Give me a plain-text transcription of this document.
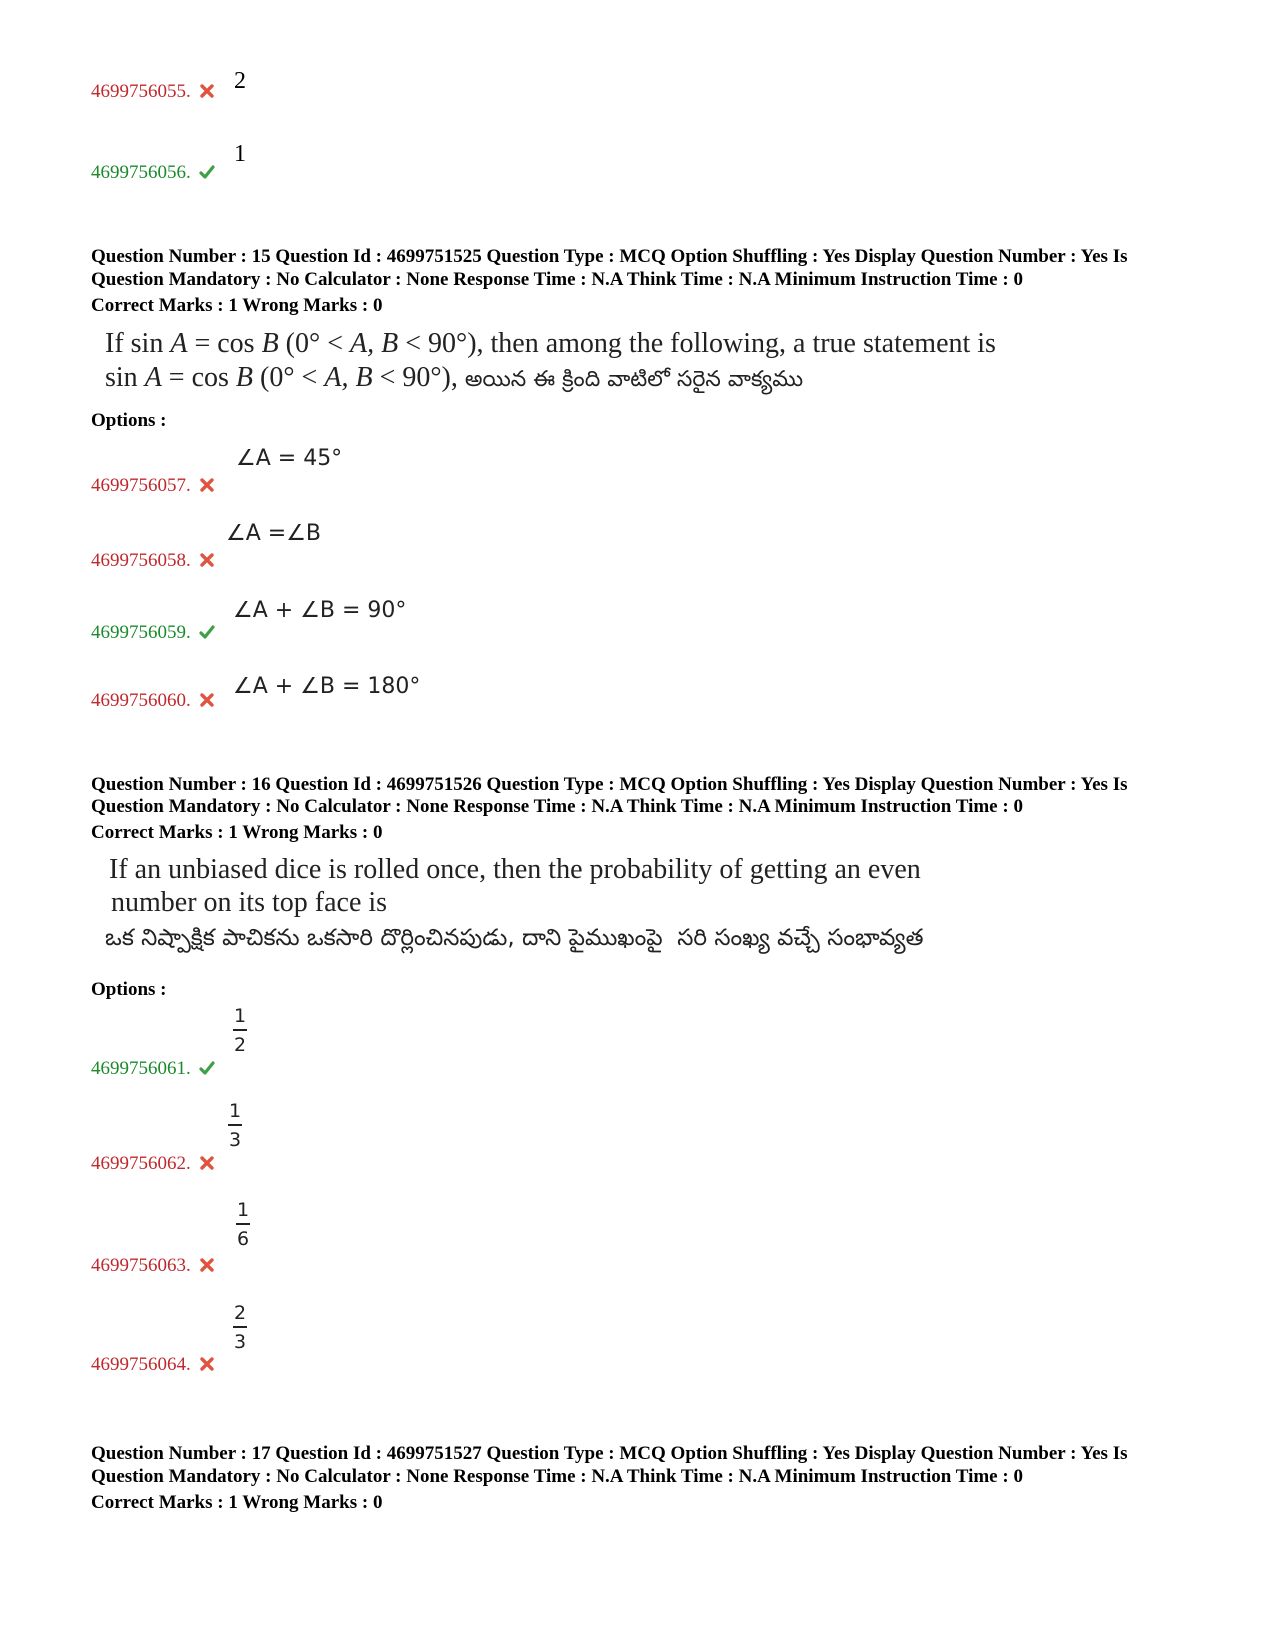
4699756055.	2
4699756056.
1
Question Number : 15 Question Id : 4699751525 Question Type : MCQ Option Shuffling : Yes Display Question Number : Yes Is
Question Mandatory : No Calculator : None Response Time : N.A Think Time : N.A Minimum Instruction Time : 0
Correct Marks : 1 Wrong Marks : 0
If sin A = cos B (0° < A, B < 90°), then among the following, a true statement is
sin A = cos B (0° < A, B < 90°), అయిన ఈ క్రింది వాటిలో సరైన వాక్యము
Options :
4699756057.
∠A = 45°
4699756058.
∠A =∠B
4699756059.
∠A + ∠B = 90°
4699756060.
∠A + ∠B = 180°
Question Number : 16 Question Id : 4699751526 Question Type : MCQ Option Shuffling : Yes Display Question Number : Yes Is
Question Mandatory : No Calculator : None Response Time : N.A Think Time : N.A Minimum Instruction Time : 0
Correct Marks : 1 Wrong Marks : 0
If an unbiased dice is rolled once, then the probability of getting an even
number on its top face is
ఒక నిష్పాక్షిక పాచికను ఒకసారి దొర్లించినపుడు, దాని పైముఖంపై  సరి సంఖ్య వచ్చే సంభావ్యత
Options :
4699756061.
1
2
4699756062.
1
3
4699756063.
1
6
4699756064.
2
3
Question Number : 17 Question Id : 4699751527 Question Type : MCQ Option Shuffling : Yes Display Question Number : Yes Is
Question Mandatory : No Calculator : None Response Time : N.A Think Time : N.A Minimum Instruction Time : 0
Correct Marks : 1 Wrong Marks : 0
